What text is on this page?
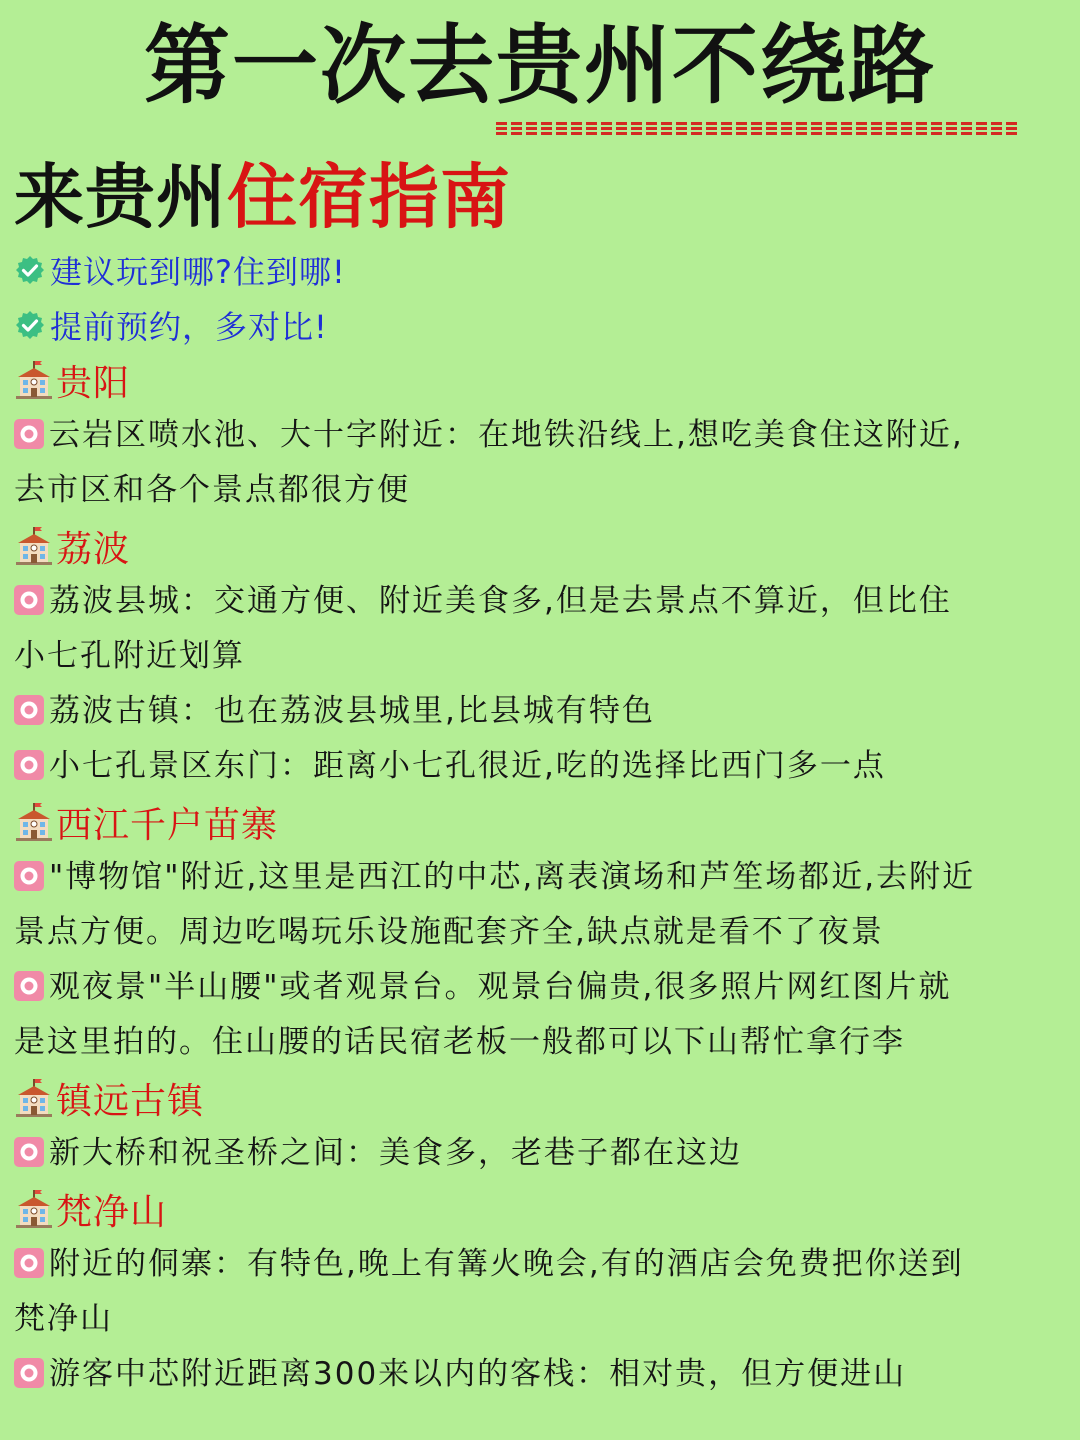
第一次去贵州不绕路
来贵州住宿指南
建议玩到哪?住到哪!
提前预约，多对比!
贵阳
云岩区喷水池、大十字附近：在地铁沿线上,想吃美食住这附近,
去市区和各个景点都很方便
荔波
荔波县城：交通方便、附近美食多,但是去景点不算近，但比住
小七孔附近划算
荔波古镇：也在荔波县城里,比县城有特色
小七孔景区东门：距离小七孔很近,吃的选择比西门多一点
西江千户苗寨
"博物馆"附近,这里是西江的中芯,离表演场和芦笙场都近,去附近
景点方便。周边吃喝玩乐设施配套齐全,缺点就是看不了夜景
观夜景"半山腰"或者观景台。观景台偏贵,很多照片网红图片就
是这里拍的。住山腰的话民宿老板一般都可以下山帮忙拿行李
镇远古镇
新大桥和祝圣桥之间：美食多，老巷子都在这边
梵净山
附近的侗寨：有特色,晚上有篝火晚会,有的酒店会免费把你送到
梵净山
游客中芯附近距离300来以内的客栈：相对贵，但方便进山
